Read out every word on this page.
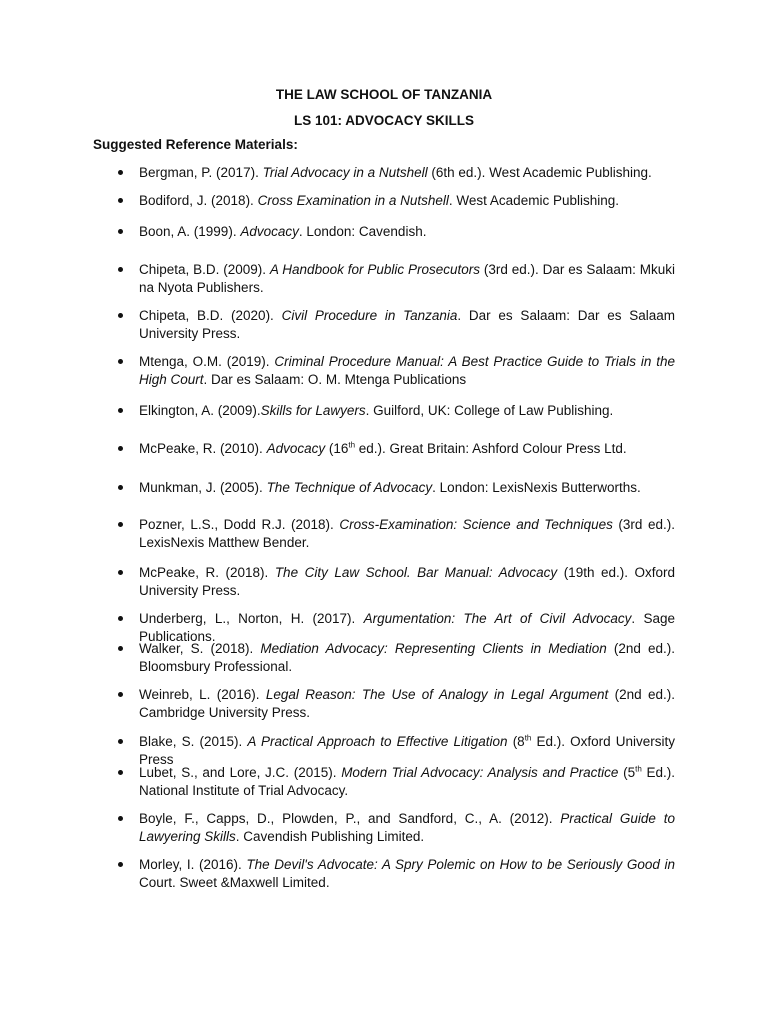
THE LAW SCHOOL OF TANZANIA

LS 101: ADVOCACY SKILLS

Suggested Reference Materials:

Bergman, P. (2017). Trial Advocacy in a Nutshell (6th ed.). West Academic Publishing.
Bodiford, J. (2018). Cross Examination in a Nutshell. West Academic Publishing.
Boon, A. (1999). Advocacy. London: Cavendish.
Chipeta, B.D. (2009). A Handbook for Public Prosecutors (3rd ed.). Dar es Salaam: Mkuki na Nyota Publishers.
Chipeta, B.D. (2020). Civil Procedure in Tanzania. Dar es Salaam: Dar es Salaam University Press.
Mtenga, O.M. (2019). Criminal Procedure Manual: A Best Practice Guide to Trials in the High Court. Dar es Salaam: O. M. Mtenga Publications
Elkington, A. (2009).Skills for Lawyers. Guilford, UK: College of Law Publishing.
McPeake, R. (2010). Advocacy (16th ed.). Great Britain: Ashford Colour Press Ltd.
Munkman, J. (2005). The Technique of Advocacy. London: LexisNexis Butterworths.
Pozner, L.S., Dodd R.J. (2018). Cross-Examination: Science and Techniques (3rd ed.). LexisNexis Matthew Bender.
McPeake, R. (2018). The City Law School. Bar Manual: Advocacy (19th ed.). Oxford University Press.
Underberg, L., Norton, H. (2017). Argumentation: The Art of Civil Advocacy. Sage Publications.
Walker, S. (2018). Mediation Advocacy: Representing Clients in Mediation (2nd ed.). Bloomsbury Professional.
Weinreb, L. (2016). Legal Reason: The Use of Analogy in Legal Argument (2nd ed.). Cambridge University Press.
Blake, S. (2015). A Practical Approach to Effective Litigation (8th Ed.). Oxford University Press
Lubet, S., and Lore, J.C. (2015). Modern Trial Advocacy: Analysis and Practice (5th Ed.). National Institute of Trial Advocacy.
Boyle, F., Capps, D., Plowden, P., and Sandford, C., A. (2012). Practical Guide to Lawyering Skills. Cavendish Publishing Limited.
Morley, I. (2016). The Devil's Advocate: A Spry Polemic on How to be Seriously Good in Court. Sweet &Maxwell Limited.
